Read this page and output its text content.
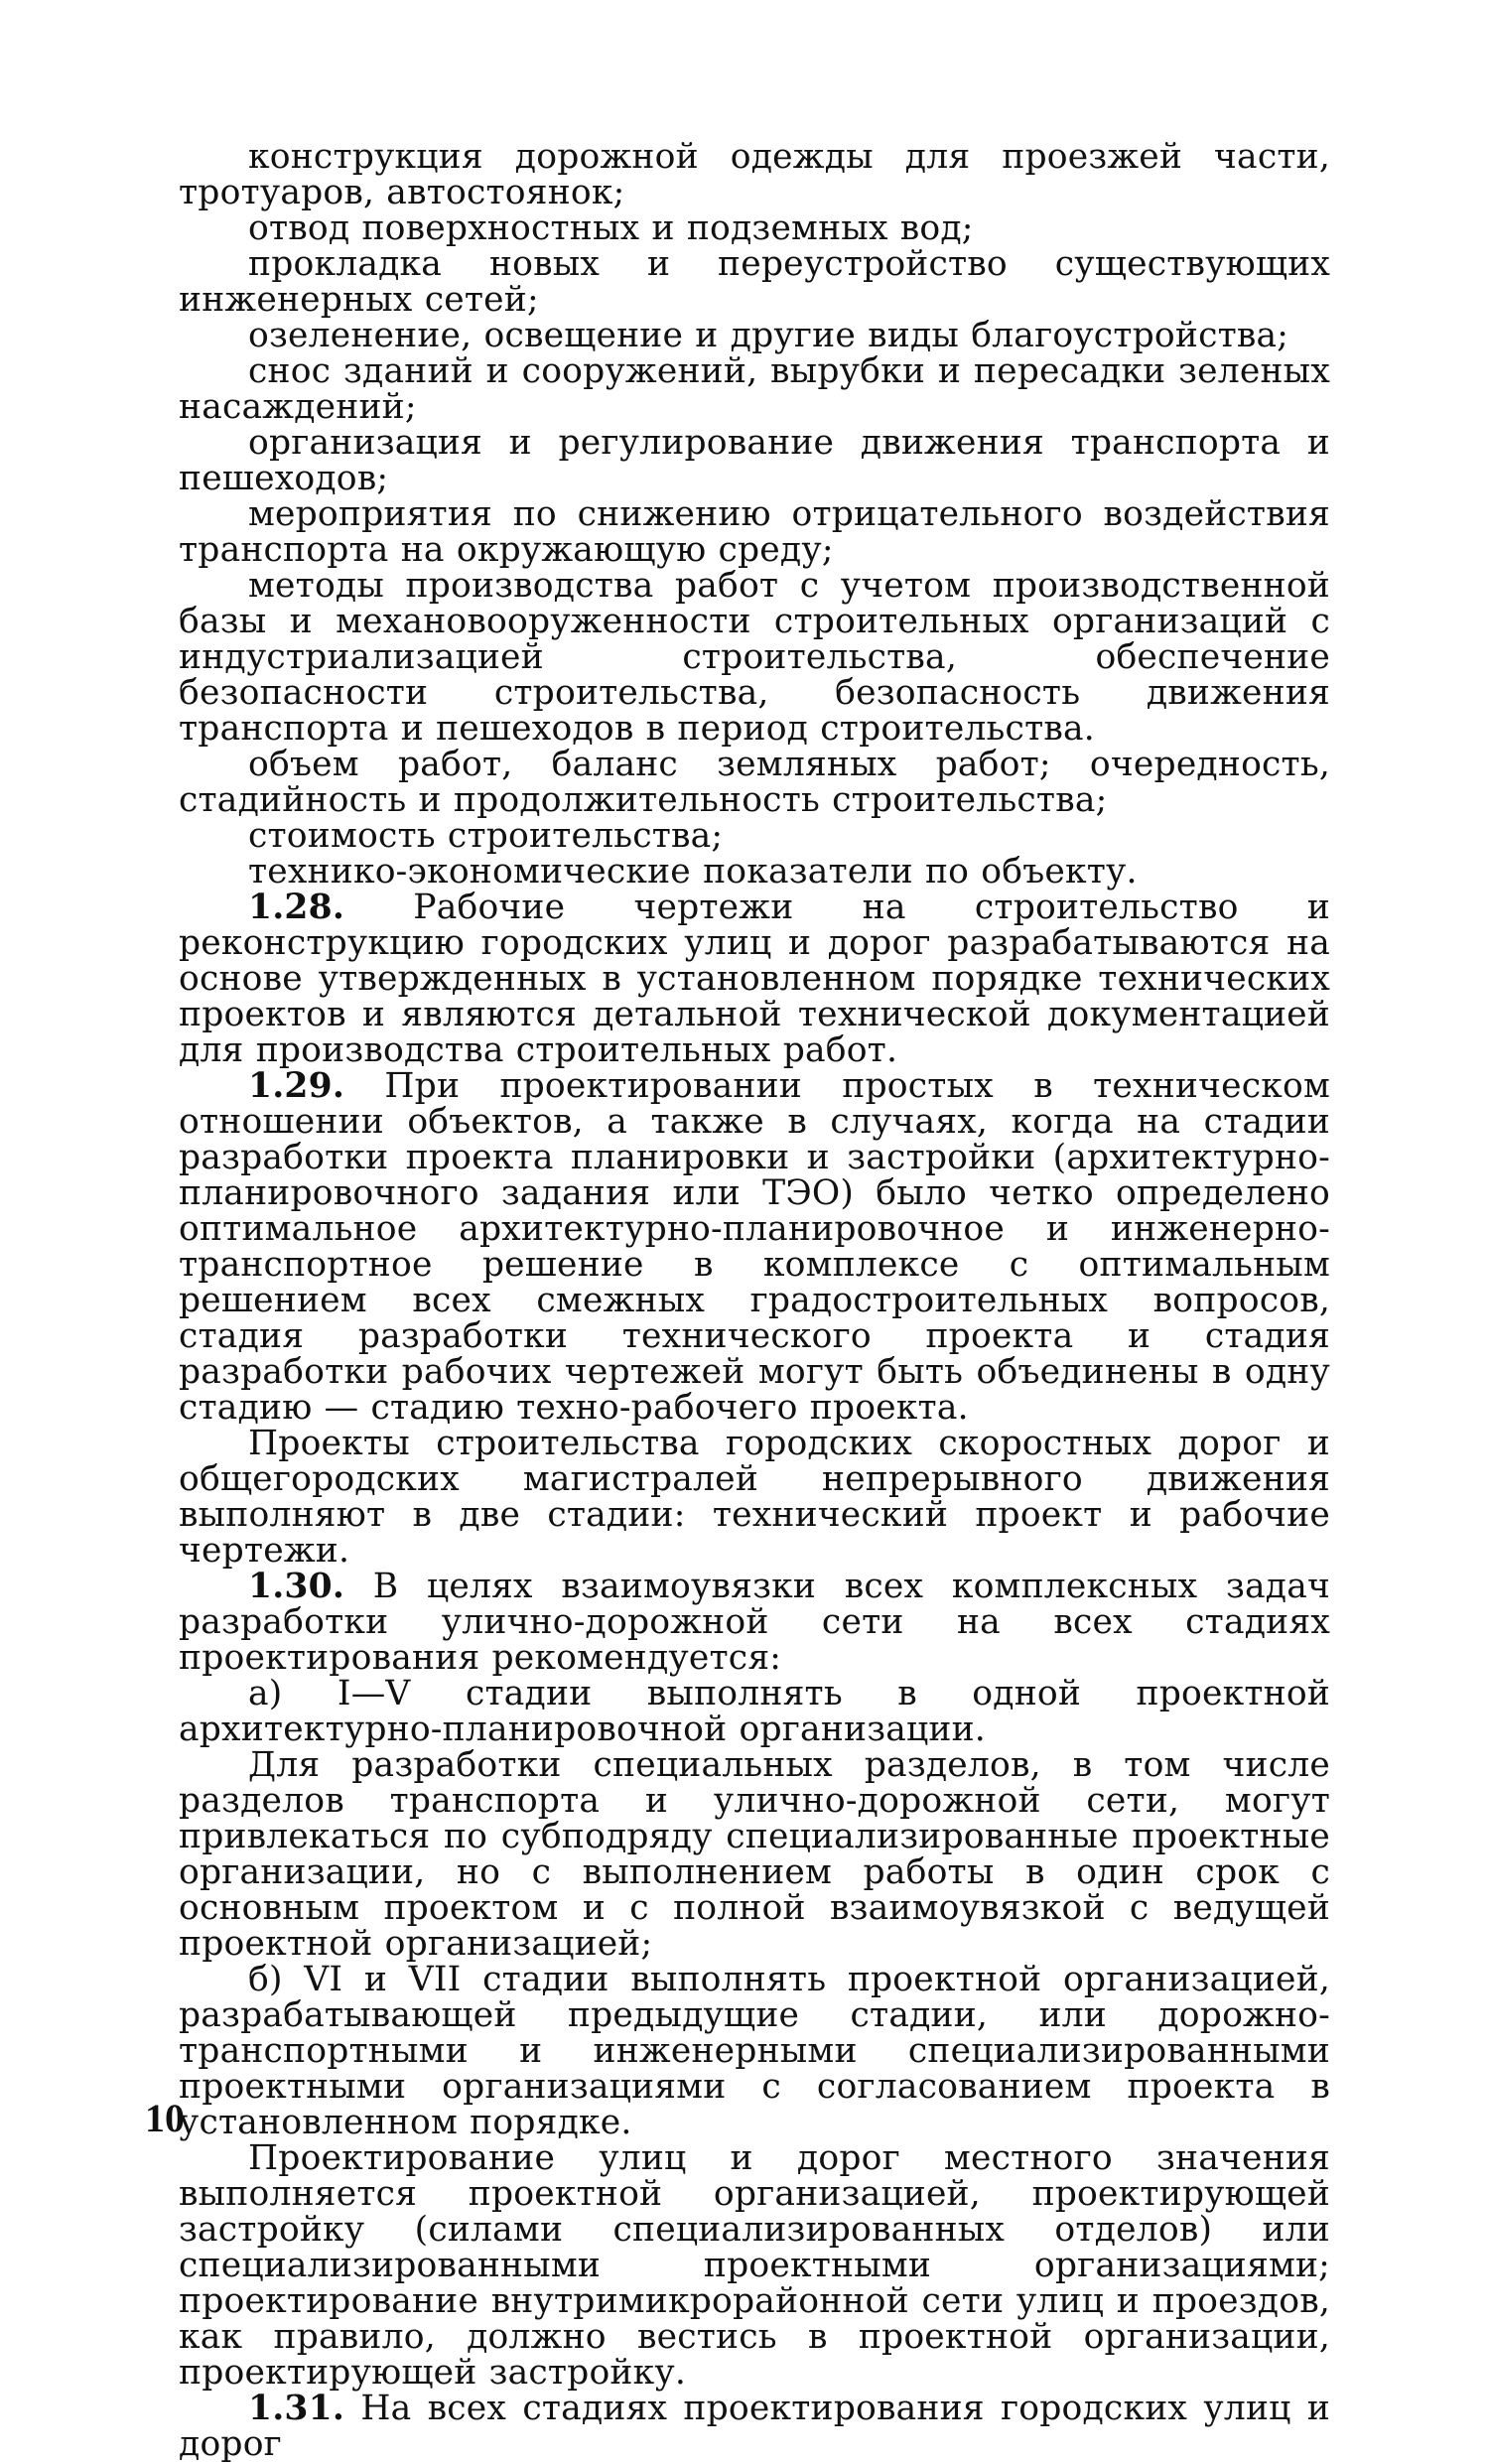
конструкция дорожной одежды для проезжей части, тротуаров, автостоянок;

отвод поверхностных и подземных вод;

прокладка новых и переустройство существующих инженерных сетей;

озеленение, освещение и другие виды благоустройства;

снос зданий и сооружений, вырубки и пересадки зеленых насаждений;

организация и регулирование движения транспорта и пешеходов;

мероприятия по снижению отрицательного воздействия транспорта на окружающую среду;

методы производства работ с учетом производственной базы и механовооруженности строительных организаций с индустриализацией строительства, обеспечение безопасности строительства, безопасность движения транспорта и пешеходов в период строительства.

объем работ, баланс земляных работ; очередность, стадийность и продолжительность строительства;

стоимость строительства;

технико-экономические показатели по объекту.

1.28. Рабочие чертежи на строительство и реконструкцию городских улиц и дорог разрабатываются на основе утвержденных в установленном порядке технических проектов и являются детальной технической документацией для производства строительных работ.

1.29. При проектировании простых в техническом отношении объектов, а также в случаях, когда на стадии разработки проекта планировки и застройки (архитектурно-планировочного задания или ТЭО) было четко определено оптимальное архитектурно-планировочное и инженерно-транспортное решение в комплексе с оптимальным решением всех смежных градостроительных вопросов, стадия разработки технического проекта и стадия разработки рабочих чертежей могут быть объединены в одну стадию — стадию техно-рабочего проекта.

Проекты строительства городских скоростных дорог и общегородских магистралей непрерывного движения выполняют в две стадии: технический проект и рабочие чертежи.

1.30. В целях взаимоувязки всех комплексных задач разработки улично-дорожной сети на всех стадиях проектирования рекомендуется:

а) I—V стадии выполнять в одной проектной архитектурно-планировочной организации.

Для разработки специальных разделов, в том числе разделов транспорта и улично-дорожной сети, могут привлекаться по субподряду специализированные проектные организации, но с выполнением работы в один срок с основным проектом и с полной взаимоувязкой с ведущей проектной организацией;

б) VI и VII стадии выполнять проектной организацией, разрабатывающей предыдущие стадии, или дорожно-транспортными и инженерными специализированными проектными организациями с согласованием проекта в установленном порядке.

Проектирование улиц и дорог местного значения выполняется проектной организацией, проектирующей застройку (силами специализированных отделов) или специализированными проектными организациями; проектирование внутримикрорайонной сети улиц и проездов, как правило, должно вестись в проектной организации, проектирующей застройку.

1.31. На всех стадиях проектирования городских улиц и дорог

10
